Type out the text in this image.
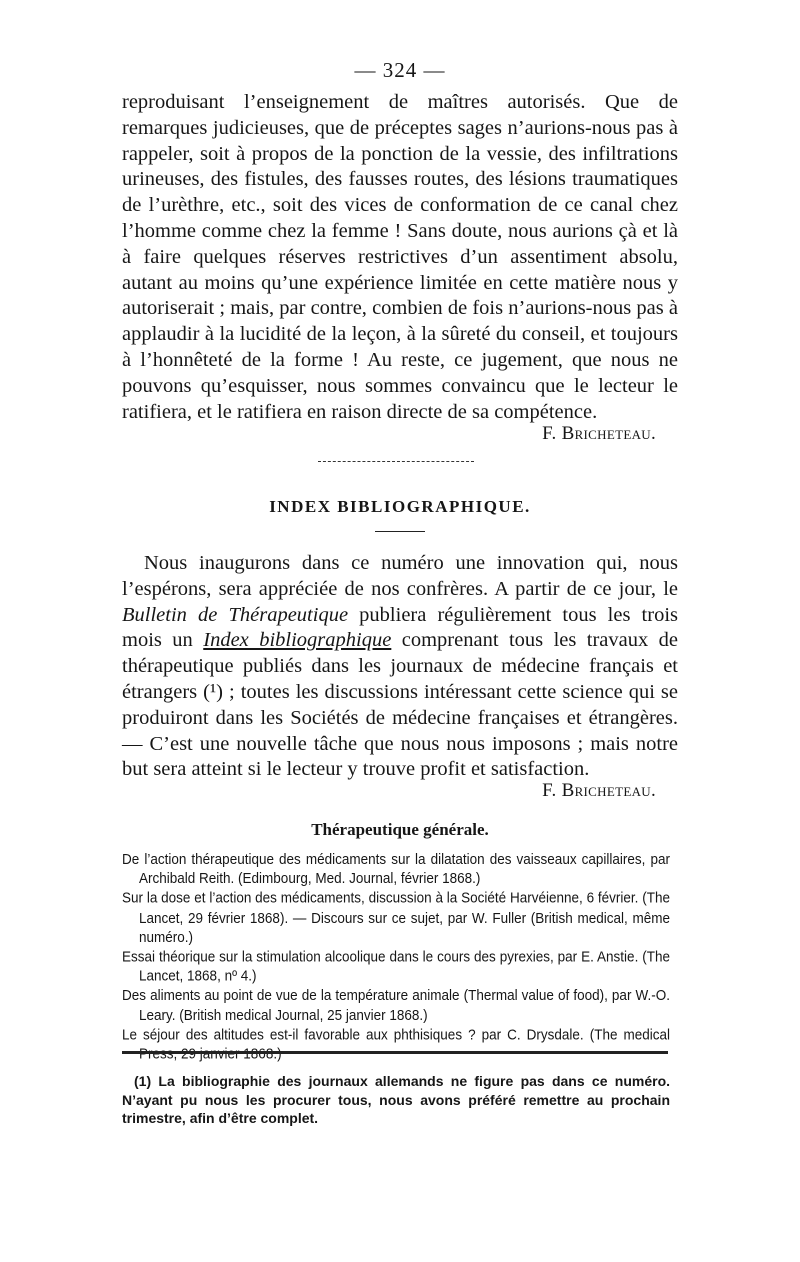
— 324 —

reproduisant l’enseignement de maîtres autorisés. Que de remarques judicieuses, que de préceptes sages n’aurions-nous pas à rappeler, soit à propos de la ponction de la vessie, des infiltrations urineuses, des fistules, des fausses routes, des lésions traumatiques de l’urèthre, etc., soit des vices de conformation de ce canal chez l’homme comme chez la femme ! Sans doute, nous aurions çà et là à faire quelques réserves restrictives d’un assentiment absolu, autant au moins qu’une expérience limitée en cette matière nous y autoriserait ; mais, par contre, combien de fois n’aurions-nous pas à applaudir à la lucidité de la leçon, à la sûreté du conseil, et toujours à l’honnêteté de la forme ! Au reste, ce jugement, que nous ne pouvons qu’esquisser, nous sommes convaincu que le lecteur le ratifiera, et le ratifiera en raison directe de sa compétence.

F. Bricheteau.
INDEX BIBLIOGRAPHIQUE.

Nous inaugurons dans ce numéro une innovation qui, nous l’espérons, sera appréciée de nos confrères. A partir de ce jour, le Bulletin de Thérapeutique publiera régulièrement tous les trois mois un Index bibliographique comprenant tous les travaux de thérapeutique publiés dans les journaux de médecine français et étrangers (¹) ; toutes les discussions intéressant cette science qui se produiront dans les Sociétés de médecine françaises et étrangères. — C’est une nouvelle tâche que nous nous imposons ; mais notre but sera atteint si le lecteur y trouve profit et satisfaction.

F. Bricheteau.
Thérapeutique générale.

De l’action thérapeutique des médicaments sur la dilatation des vaisseaux capillaires, par Archibald Reith. (Edimbourg, Med. Journal, février 1868.)

Sur la dose et l’action des médicaments, discussion à la Société Harvéienne, 6 février. (The Lancet, 29 février 1868). — Discours sur ce sujet, par W. Fuller (British medical, même numéro.)

Essai théorique sur la stimulation alcoolique dans le cours des pyrexies, par E. Anstie. (The Lancet, 1868, nº 4.)

Des aliments au point de vue de la température animale (Thermal value of food), par W.-O. Leary. (British medical Journal, 25 janvier 1868.)

Le séjour des altitudes est-il favorable aux phthisiques ? par C. Drysdale. (The medical Press, 29 janvier 1868.)

(1) La bibliographie des journaux allemands ne figure pas dans ce numéro. N’ayant pu nous les procurer tous, nous avons préféré remettre au prochain trimestre, afin d’être complet.
